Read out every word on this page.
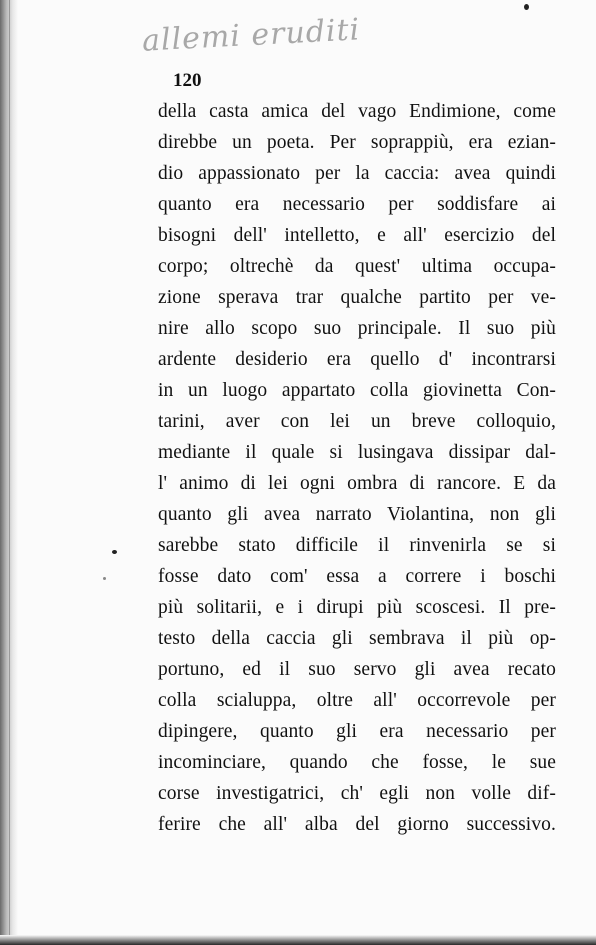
allemi eruditi
120
della casta amica del vago Endimione, come
direbbe un poeta. Per soprappiù, era ezian-
dio appassionato per la caccia: avea quindi
quanto era necessario per soddisfare ai
bisogni dell' intelletto, e all' esercizio del
corpo; oltrechè da quest' ultima occupa-
zione sperava trar qualche partito per ve-
nire allo scopo suo principale. Il suo più
ardente desiderio era quello d' incontrarsi
in un luogo appartato colla giovinetta Con-
tarini, aver con lei un breve colloquio,
mediante il quale si lusingava dissipar dal-
l' animo di lei ogni ombra di rancore. E da
quanto gli avea narrato Violantina, non gli
sarebbe stato difficile il rinvenirla se si
fosse dato com' essa a correre i boschi
più solitarii, e i dirupi più scoscesi. Il pre-
testo della caccia gli sembrava il più op-
portuno, ed il suo servo gli avea recato
colla scialuppa, oltre all' occorrevole per
dipingere, quanto gli era necessario per
incominciare, quando che fosse, le sue
corse investigatrici, ch' egli non volle dif-
ferire che all' alba del giorno successivo.
